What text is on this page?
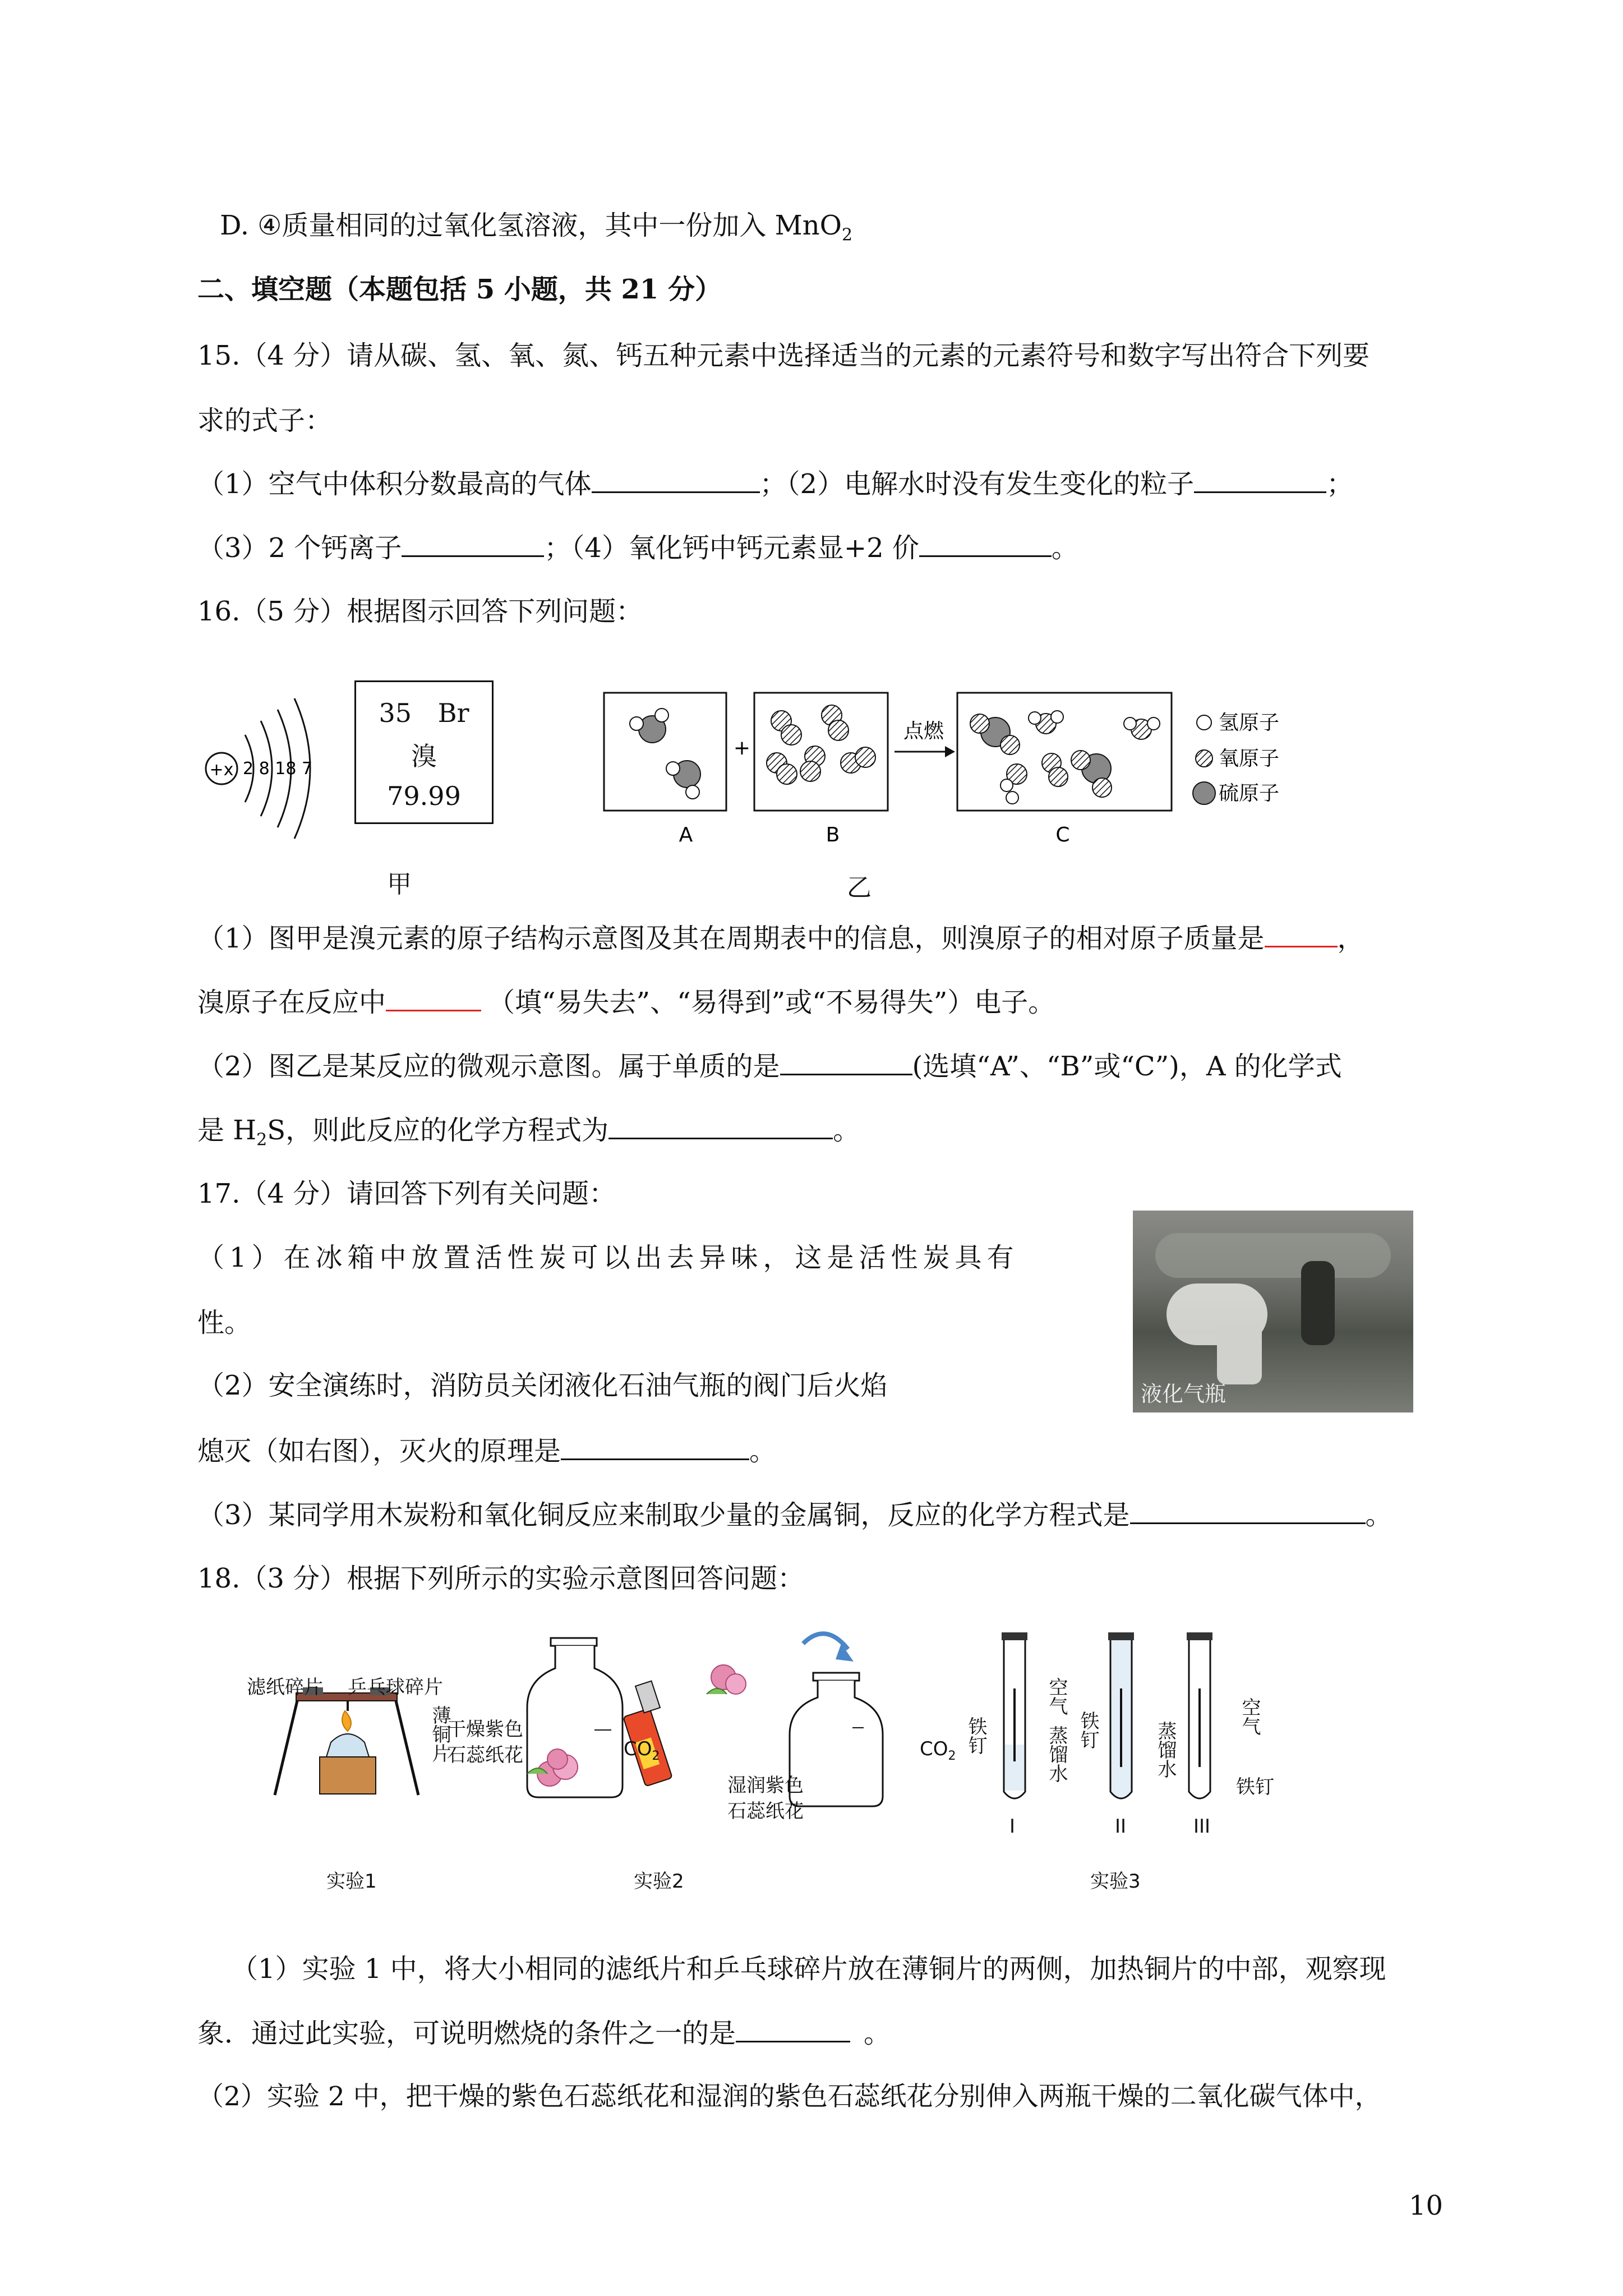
D. ④质量相同的过氧化氢溶液，其中一份加入 MnO$_2$
二、填空题（本题包括 5 小题，共 21 分）
15.（4 分）请从碳、氢、氧、氮、钙五种元素中选择适当的元素的元素符号和数字写出符合下列要
求的式子：
（1）空气中体积分数最高的气体	；（2）电解水时没有发生变化的粒子	；
（3）2 个钙离子	；（4）氧化钙中钙元素显+2 价	。
16.（5 分）根据图示回答下列问题：
+x 2 8 18 7
35 Br
溴
79.99
甲
+
点燃	氢原子
氧原子
硫原子
A	B	C
乙
（1）图甲是溴元素的原子结构示意图及其在周期表中的信息，则溴原子的相对原子质量是	，
溴原子在反应中	（填“易失去”、“易得到”或“不易得失”）电子。
（2）图乙是某反应的微观示意图。属于单质的是	(选填“A”、“B”或“C”)，A 的化学式
是 $H_2S$，则此反应的化学方程式为	。
17.（4 分）请回答下列有关问题：
（1）在冰箱中放置活性炭可以出去异味，这是活性炭具有
性。
（2）安全演练时，消防员关闭液化石油气瓶的阀门后火焰
熄灭（如右图），灭火的原理是	。
（3）某同学用木炭粉和氧化铜反应来制取少量的金属铜，反应的化学方程式是	。
液化气瓶
18.（3 分）根据下列所示的实验示意图回答问题：
滤纸碎片 乒乓球碎片
薄铜片
干燥紫色石蕊纸花	$CO_2$
湿润紫色石蕊纸花
$CO_2$
铁钉
空气
蒸馏水 铁钉	蒸馏水
空气
铁钉
I	II	III
实验1	实验2	实验3
（1）实验 1 中，将大小相同的滤纸片和乒乓球碎片放在薄铜片的两侧，加热铜片的中部，观察现
象．通过此实验，可说明燃烧的条件之一的是	。
（2）实验 2 中，把干燥的紫色石蕊纸花和湿润的紫色石蕊纸花分别伸入两瓶干燥的二氧化碳气体中，
10
